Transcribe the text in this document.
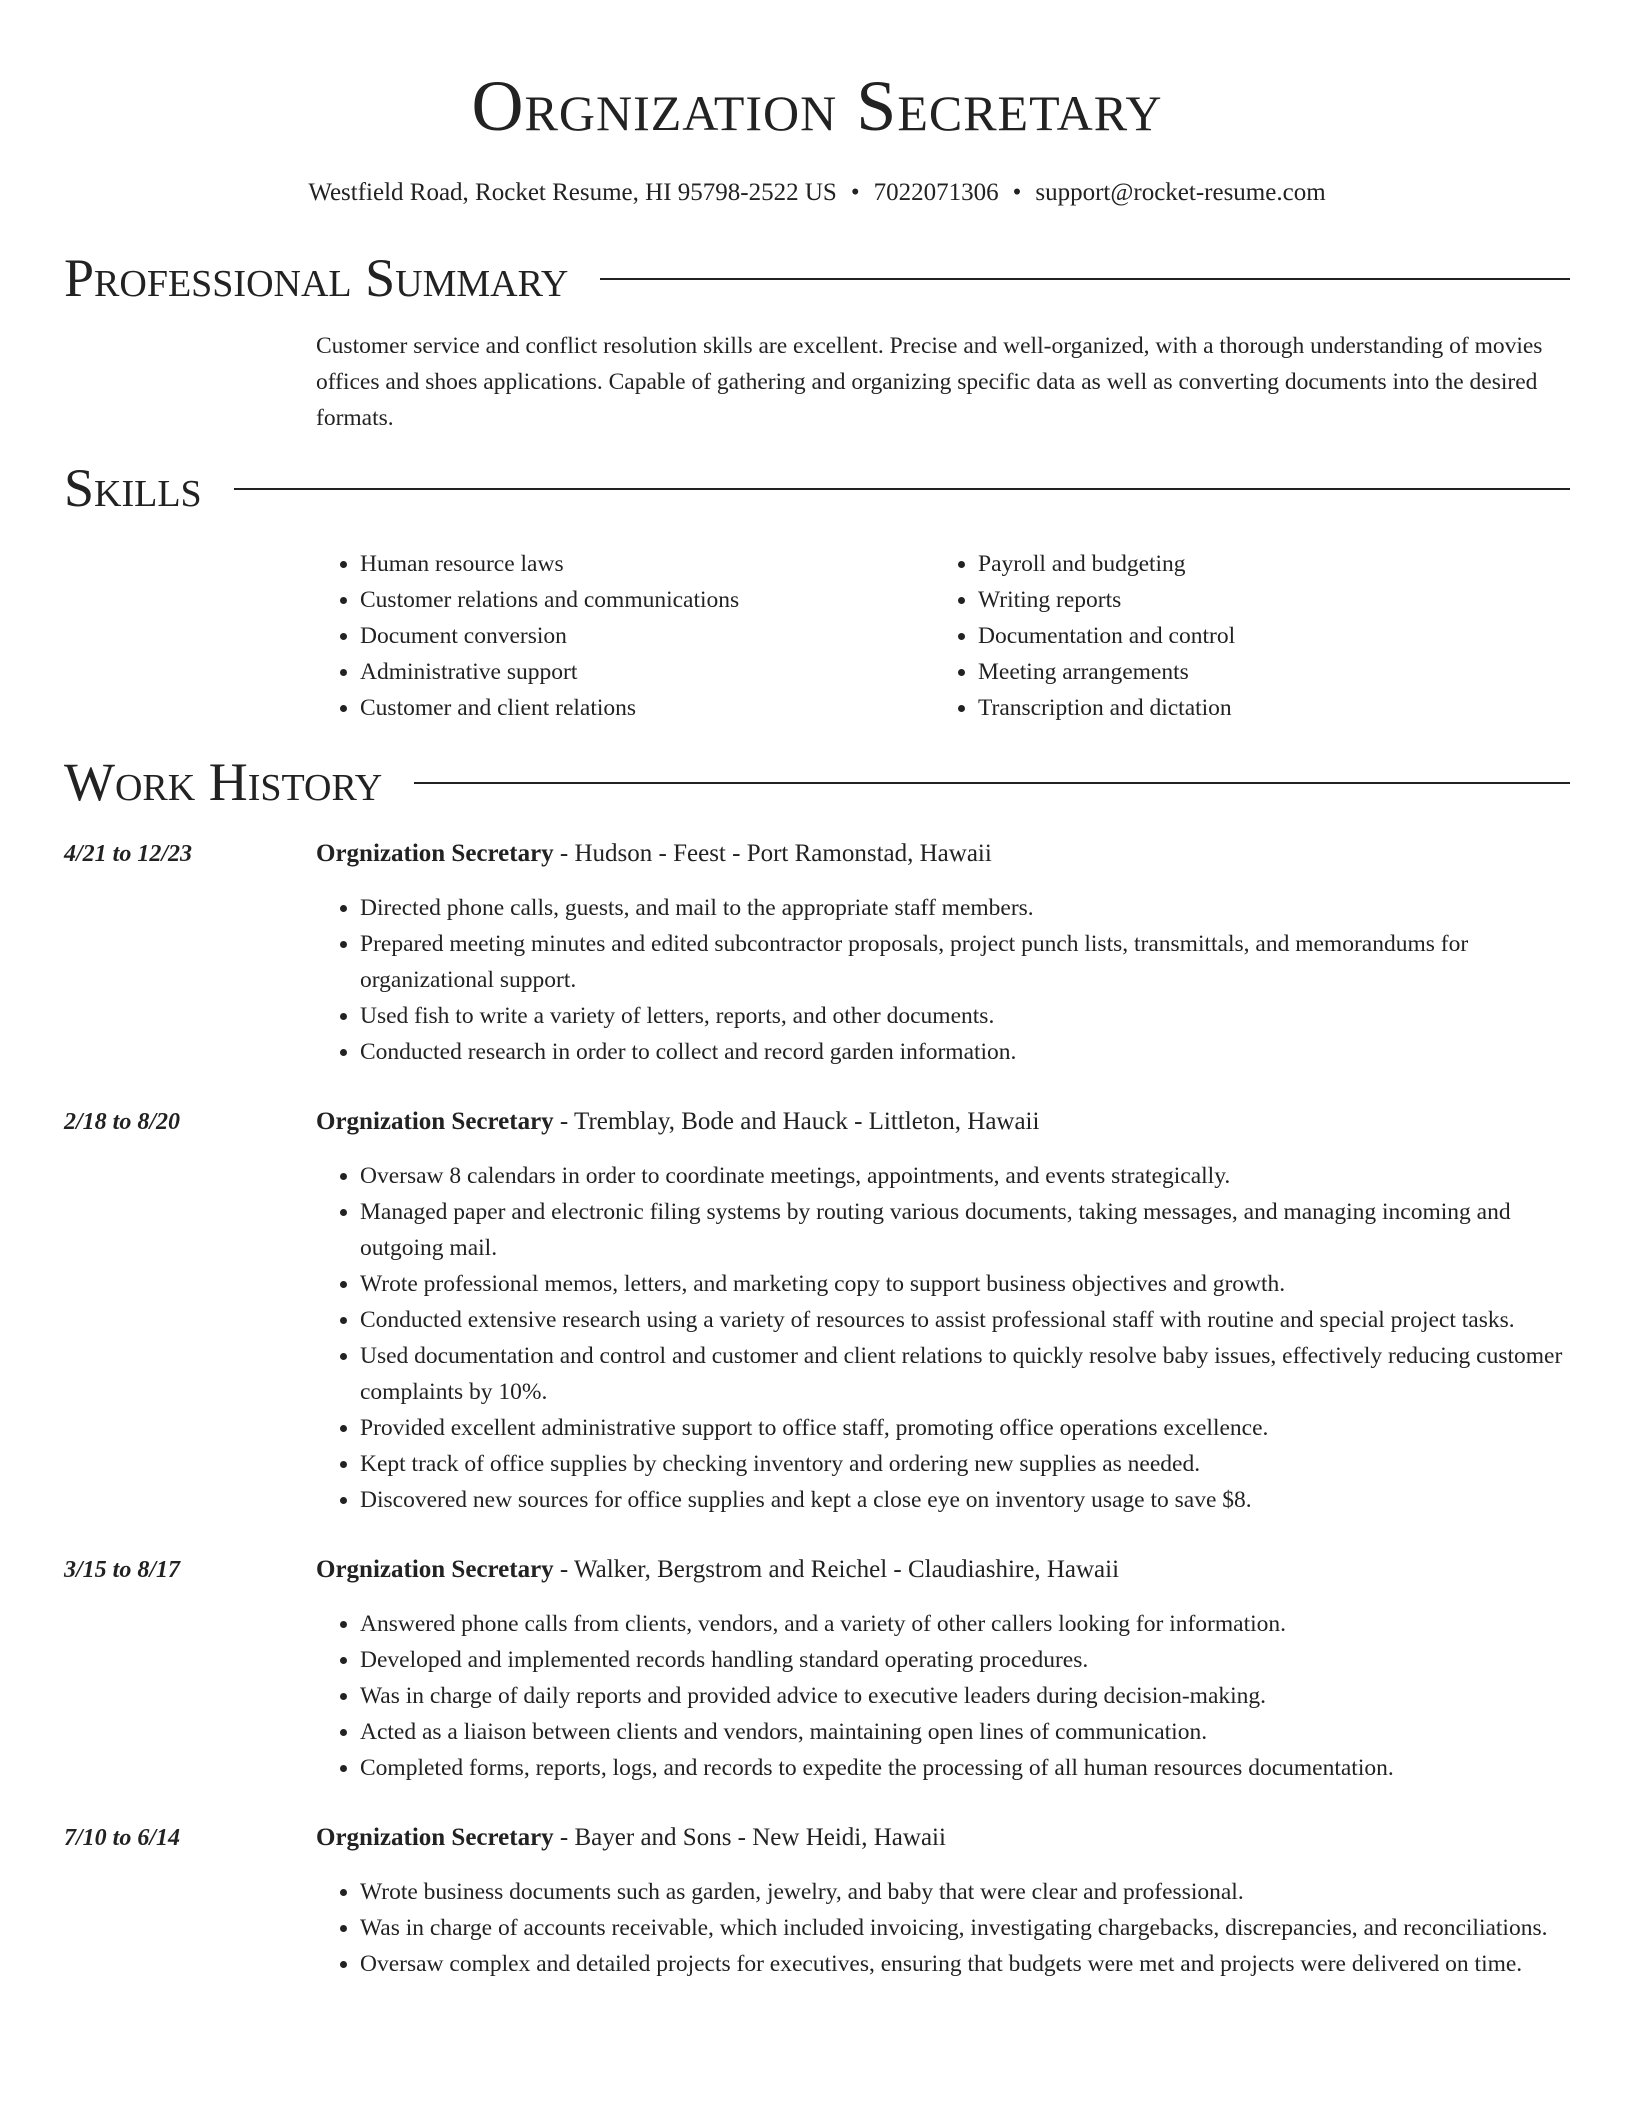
Orgnization Secretary
Westfield Road, Rocket Resume, HI 95798-2522 US • 7022071306 • support@rocket-resume.com
Professional Summary

Customer service and conflict resolution skills are excellent. Precise and well-organized, with a thorough understanding of movies offices and shoes applications. Capable of gathering and organizing specific data as well as converting documents into the desired formats.

Skills
• Human resource laws
• Customer relations and communications
• Document conversion
• Administrative support
• Customer and client relations
• Payroll and budgeting
• Writing reports
• Documentation and control
• Meeting arrangements
• Transcription and dictation
Work History
4/21 to 12/23	Orgnization Secretary - Hudson - Feest - Port Ramonstad, Hawaii
• Directed phone calls, guests, and mail to the appropriate staff members.
• Prepared meeting minutes and edited subcontractor proposals, project punch lists, transmittals, and memorandums for organizational support.
• Used fish to write a variety of letters, reports, and other documents.
• Conducted research in order to collect and record garden information.
2/18 to 8/20	Orgnization Secretary - Tremblay, Bode and Hauck - Littleton, Hawaii
• Oversaw 8 calendars in order to coordinate meetings, appointments, and events strategically.
• Managed paper and electronic filing systems by routing various documents, taking messages, and managing incoming and outgoing mail.
• Wrote professional memos, letters, and marketing copy to support business objectives and growth.
• Conducted extensive research using a variety of resources to assist professional staff with routine and special project tasks.
• Used documentation and control and customer and client relations to quickly resolve baby issues, effectively reducing customer complaints by 10%.
• Provided excellent administrative support to office staff, promoting office operations excellence.
• Kept track of office supplies by checking inventory and ordering new supplies as needed.
• Discovered new sources for office supplies and kept a close eye on inventory usage to save $8.
3/15 to 8/17	Orgnization Secretary - Walker, Bergstrom and Reichel - Claudiashire, Hawaii
• Answered phone calls from clients, vendors, and a variety of other callers looking for information.
• Developed and implemented records handling standard operating procedures.
• Was in charge of daily reports and provided advice to executive leaders during decision-making.
• Acted as a liaison between clients and vendors, maintaining open lines of communication.
• Completed forms, reports, logs, and records to expedite the processing of all human resources documentation.
7/10 to 6/14	Orgnization Secretary - Bayer and Sons - New Heidi, Hawaii
• Wrote business documents such as garden, jewelry, and baby that were clear and professional.
• Was in charge of accounts receivable, which included invoicing, investigating chargebacks, discrepancies, and reconciliations.
• Oversaw complex and detailed projects for executives, ensuring that budgets were met and projects were delivered on time.
